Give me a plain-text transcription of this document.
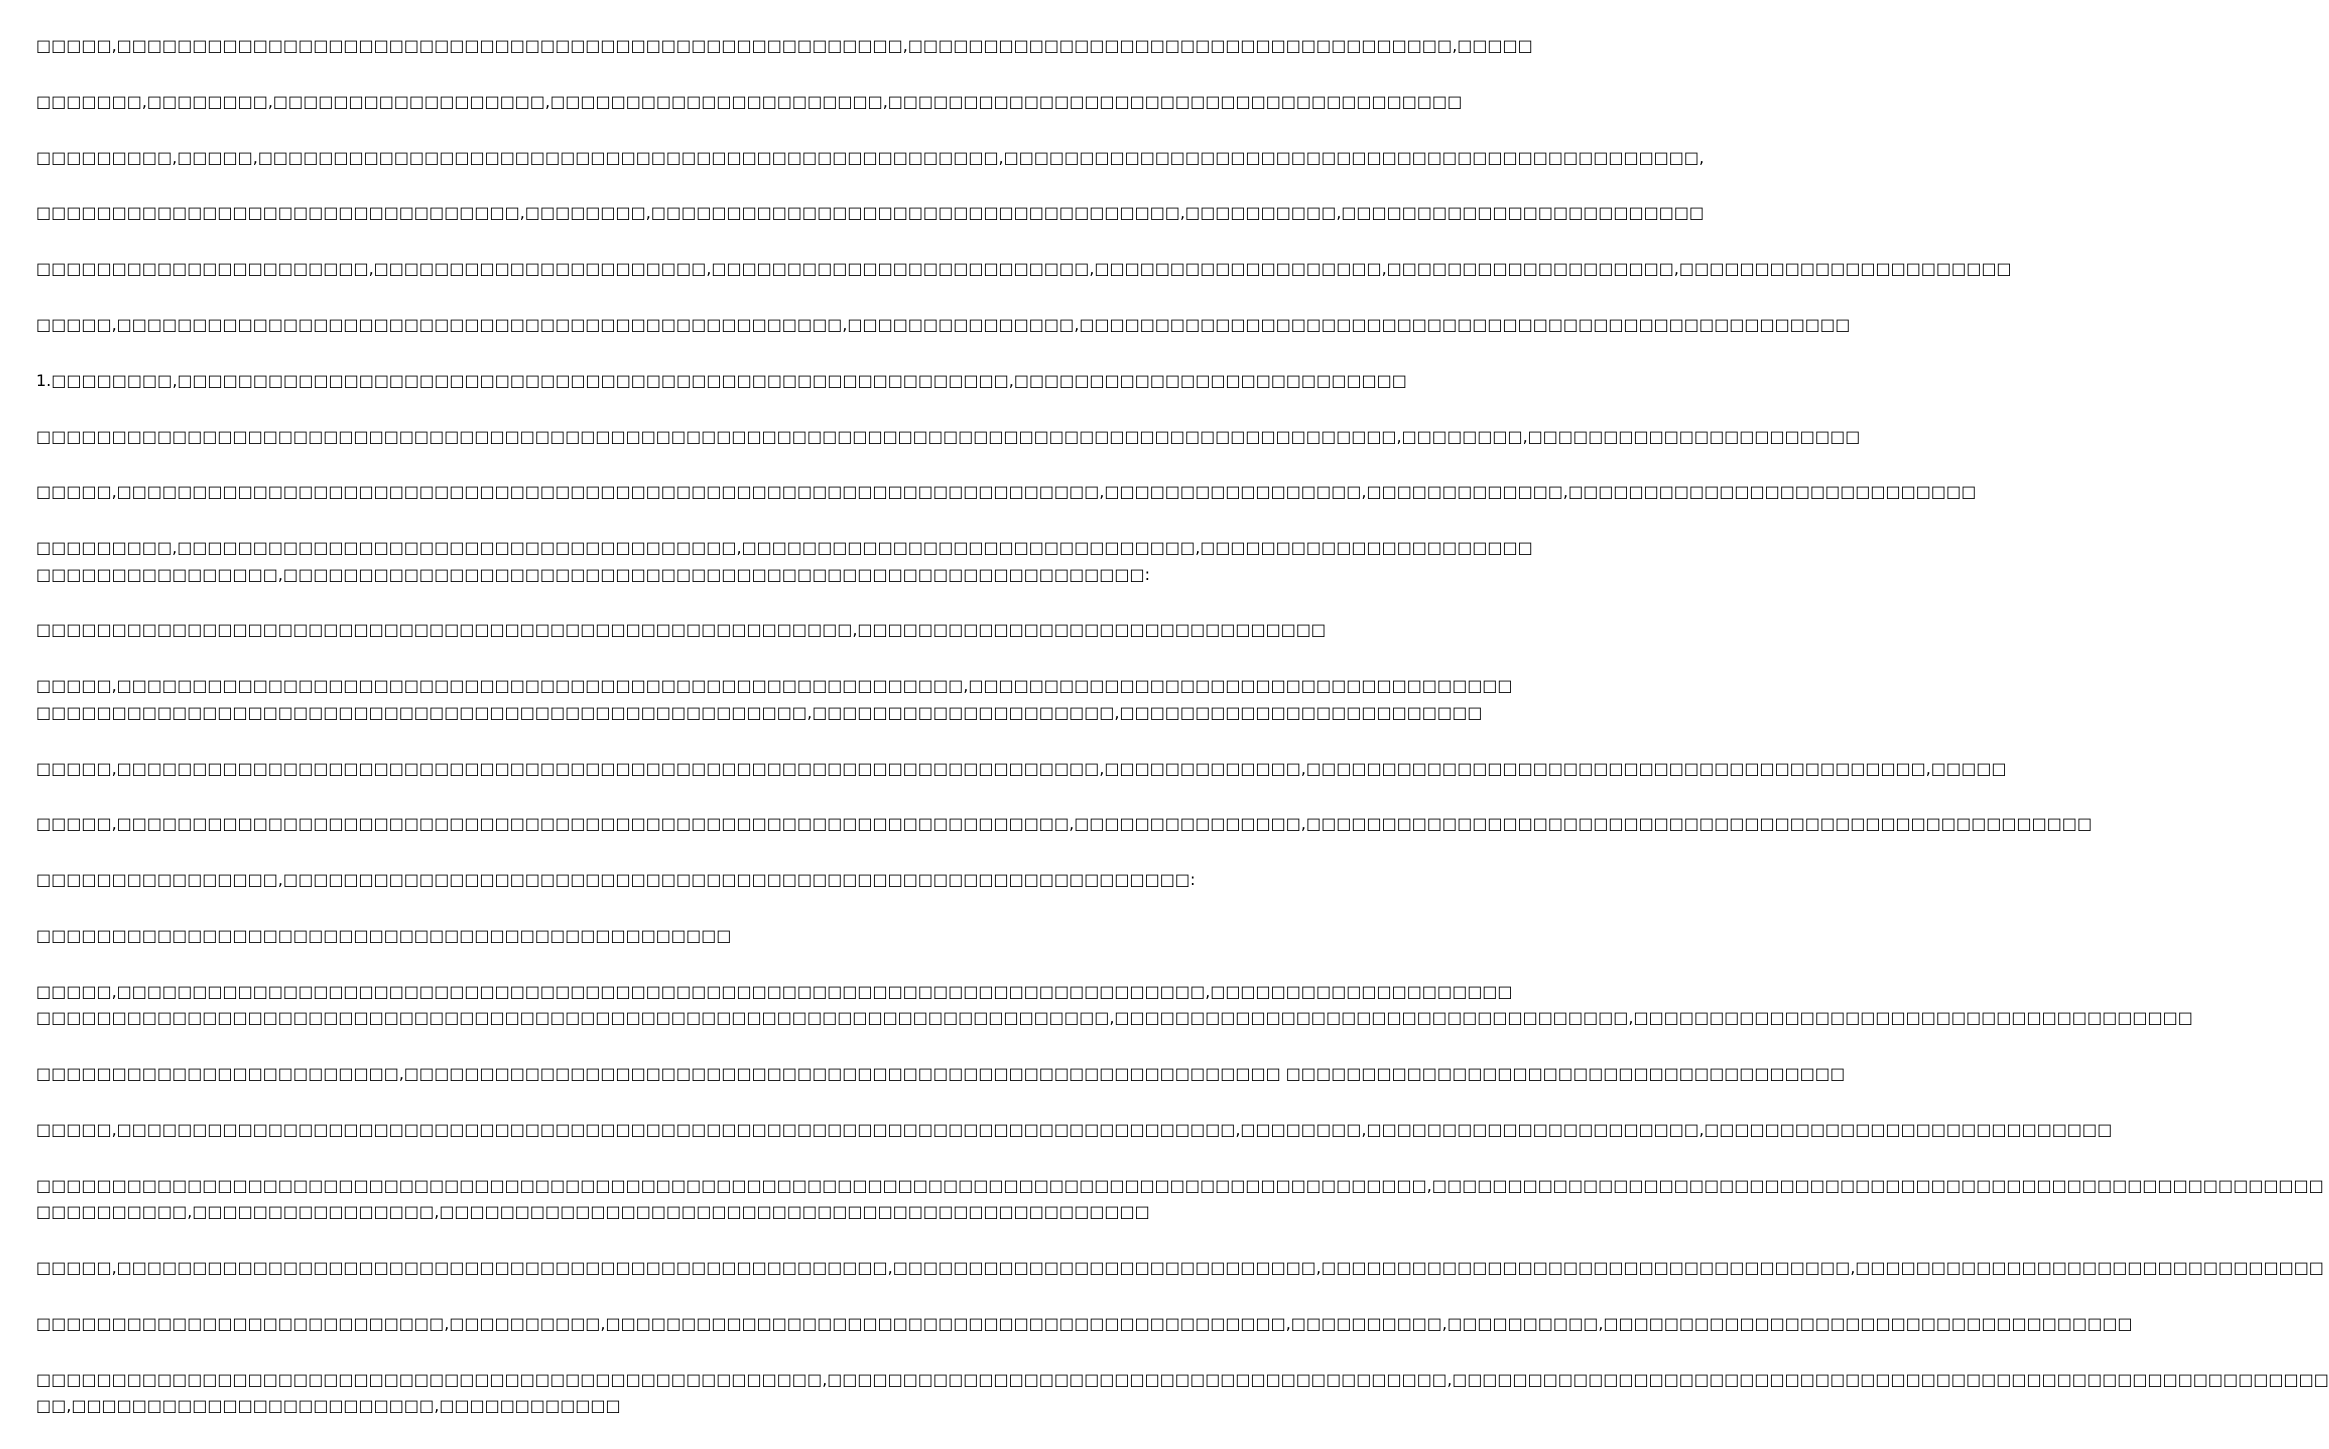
□□□□□,□□□□□□□□□□□□□□□□□□□□□□□□□□□□□□□□□□□□□□□□□□□□□□□□□□□□,□□□□□□□□□□□□□□□□□□□□□□□□□□□□□□□□□□□□,□□□□□
□□□□□□□,□□□□□□□□,□□□□□□□□□□□□□□□□□□,□□□□□□□□□□□□□□□□□□□□□□,□□□□□□□□□□□□□□□□□□□□□□□□□□□□□□□□□□□□□□
□□□□□□□□□,□□□□□,□□□□□□□□□□□□□□□□□□□□□□□□□□□□□□□□□□□□□□□□□□□□□□□□□,□□□□□□□□□□□□□□□□□□□□□□□□□□□□□□□□□□□□□□□□□□□□□□,
□□□□□□□□□□□□□□□□□□□□□□□□□□□□□□□□,□□□□□□□□,□□□□□□□□□□□□□□□□□□□□□□□□□□□□□□□□□□□,□□□□□□□□□□,□□□□□□□□□□□□□□□□□□□□□□□□
□□□□□□□□□□□□□□□□□□□□□□,□□□□□□□□□□□□□□□□□□□□□□,□□□□□□□□□□□□□□□□□□□□□□□□□,□□□□□□□□□□□□□□□□□□□,□□□□□□□□□□□□□□□□□□□,□□□□□□□□□□□□□□□□□□□□□□
□□□□□,□□□□□□□□□□□□□□□□□□□□□□□□□□□□□□□□□□□□□□□□□□□□□□□□,□□□□□□□□□□□□□□□,□□□□□□□□□□□□□□□□□□□□□□□□□□□□□□□□□□□□□□□□□□□□□□□□□□□
1.□□□□□□□□,□□□□□□□□□□□□□□□□□□□□□□□□□□□□□□□□□□□□□□□□□□□□□□□□□□□□□□□,□□□□□□□□□□□□□□□□□□□□□□□□□□
□□□□□□□□□□□□□□□□□□□□□□□□□□□□□□□□□□□□□□□□□□□□□□□□□□□□□□□□□□□□□□□□□□□□□□□□□□□□□□□□□□□□□□□□□□,□□□□□□□□,□□□□□□□□□□□□□□□□□□□□□□
□□□□□,□□□□□□□□□□□□□□□□□□□□□□□□□□□□□□□□□□□□□□□□□□□□□□□□□□□□□□□□□□□□□□□□□,□□□□□□□□□□□□□□□□□,□□□□□□□□□□□□□,□□□□□□□□□□□□□□□□□□□□□□□□□□□
□□□□□□□□□,□□□□□□□□□□□□□□□□□□□□□□□□□□□□□□□□□□□□□,□□□□□□□□□□□□□□□□□□□□□□□□□□□□□□,□□□□□□□□□□□□□□□□□□□□□□
□□□□□□□□□□□□□□□□,□□□□□□□□□□□□□□□□□□□□□□□□□□□□□□□□□□□□□□□□□□□□□□□□□□□□□□□□□:
□□□□□□□□□□□□□□□□□□□□□□□□□□□□□□□□□□□□□□□□□□□□□□□□□□□□□□,□□□□□□□□□□□□□□□□□□□□□□□□□□□□□□□
□□□□□,□□□□□□□□□□□□□□□□□□□□□□□□□□□□□□□□□□□□□□□□□□□□□□□□□□□□□□□□,□□□□□□□□□□□□□□□□□□□□□□□□□□□□□□□□□□□□
□□□□□□□□□□□□□□□□□□□□□□□□□□□□□□□□□□□□□□□□□□□□□□□□□□□,□□□□□□□□□□□□□□□□□□□□,□□□□□□□□□□□□□□□□□□□□□□□□
□□□□□,□□□□□□□□□□□□□□□□□□□□□□□□□□□□□□□□□□□□□□□□□□□□□□□□□□□□□□□□□□□□□□□□□,□□□□□□□□□□□□□,□□□□□□□□□□□□□□□□□□□□□□□□□□□□□□□□□□□□□□□□□,□□□□□
□□□□□,□□□□□□□□□□□□□□□□□□□□□□□□□□□□□□□□□□□□□□□□□□□□□□□□□□□□□□□□□□□□□□□,□□□□□□□□□□□□□□□,□□□□□□□□□□□□□□□□□□□□□□□□□□□□□□□□□□□□□□□□□□□□□□□□□□□□
□□□□□□□□□□□□□□□□,□□□□□□□□□□□□□□□□□□□□□□□□□□□□□□□□□□□□□□□□□□□□□□□□□□□□□□□□□□□□:
□□□□□□□□□□□□□□□□□□□□□□□□□□□□□□□□□□□□□□□□□□□□□□
□□□□□,□□□□□□□□□□□□□□□□□□□□□□□□□□□□□□□□□□□□□□□□□□□□□□□□□□□□□□□□□□□□□□□□□□□□□□□□,□□□□□□□□□□□□□□□□□□□□
□□□□□□□□□□□□□□□□□□□□□□□□□□□□□□□□□□□□□□□□□□□□□□□□□□□□□□□□□□□□□□□□□□□□□□□,□□□□□□□□□□□□□□□□□□□□□□□□□□□□□□□□□□,□□□□□□□□□□□□□□□□□□□□□□□□□□□□□□□□□□□□□
□□□□□□□□□□□□□□□□□□□□□□□□,□□□□□□□□□□□□□□□□□□□□□□□□□□□□□□□□□□□□□□□□□□□□□□□□□□□□□□□□□□ □□□□□□□□□□□□□□□□□□□□□□□□□□□□□□□□□□□□□
□□□□□,□□□□□□□□□□□□□□□□□□□□□□□□□□□□□□□□□□□□□□□□□□□□□□□□□□□□□□□□□□□□□□□□□□□□□□□□□□,□□□□□□□□,□□□□□□□□□□□□□□□□□□□□□□,□□□□□□□□□□□□□□□□□□□□□□□□□□□
□□□□□□□□□□□□□□□□□□□□□□□□□□□□□□□□□□□□□□□□□□□□□□□□□□□□□□□□□□□□□□□□□□□□□□□□□□□□□□□□□□□□□□□□□□□□,□□□□□□□□□□□□□□□□□□□□□□□□□□□□□□□□□□□□□□□□□□□□□□□□□□□□□□□□□□□
□□□□□□□□□□,□□□□□□□□□□□□□□□□,□□□□□□□□□□□□□□□□□□□□□□□□□□□□□□□□□□□□□□□□□□□□□□□
□□□□□,□□□□□□□□□□□□□□□□□□□□□□□□□□□□□□□□□□□□□□□□□□□□□□□□□□□,□□□□□□□□□□□□□□□□□□□□□□□□□□□□,□□□□□□□□□□□□□□□□□□□□□□□□□□□□□□□□□□□,□□□□□□□□□□□□□□□□□□□□□□□□□□□□□□□
□□□□□□□□□□□□□□□□□□□□□□□□□□□,□□□□□□□□□□,□□□□□□□□□□□□□□□□□□□□□□□□□□□□□□□□□□□□□□□□□□□□□,□□□□□□□□□□,□□□□□□□□□□,□□□□□□□□□□□□□□□□□□□□□□□□□□□□□□□□□□□
□□□□□□□□□□□□□□□□□□□□□□□□□□□□□□□□□□□□□□□□□□□□□□□□□□□□,□□□□□□□□□□□□□□□□□□□□□□□□□□□□□□□□□□□□□□□□□,□□□□□□□□□□□□□□□□□□□□□□□□□□□□□□□□□□□□□□□□□□□□□□□□□□□□□□□□□□
□□,□□□□□□□□□□□□□□□□□□□□□□□□,□□□□□□□□□□□□
